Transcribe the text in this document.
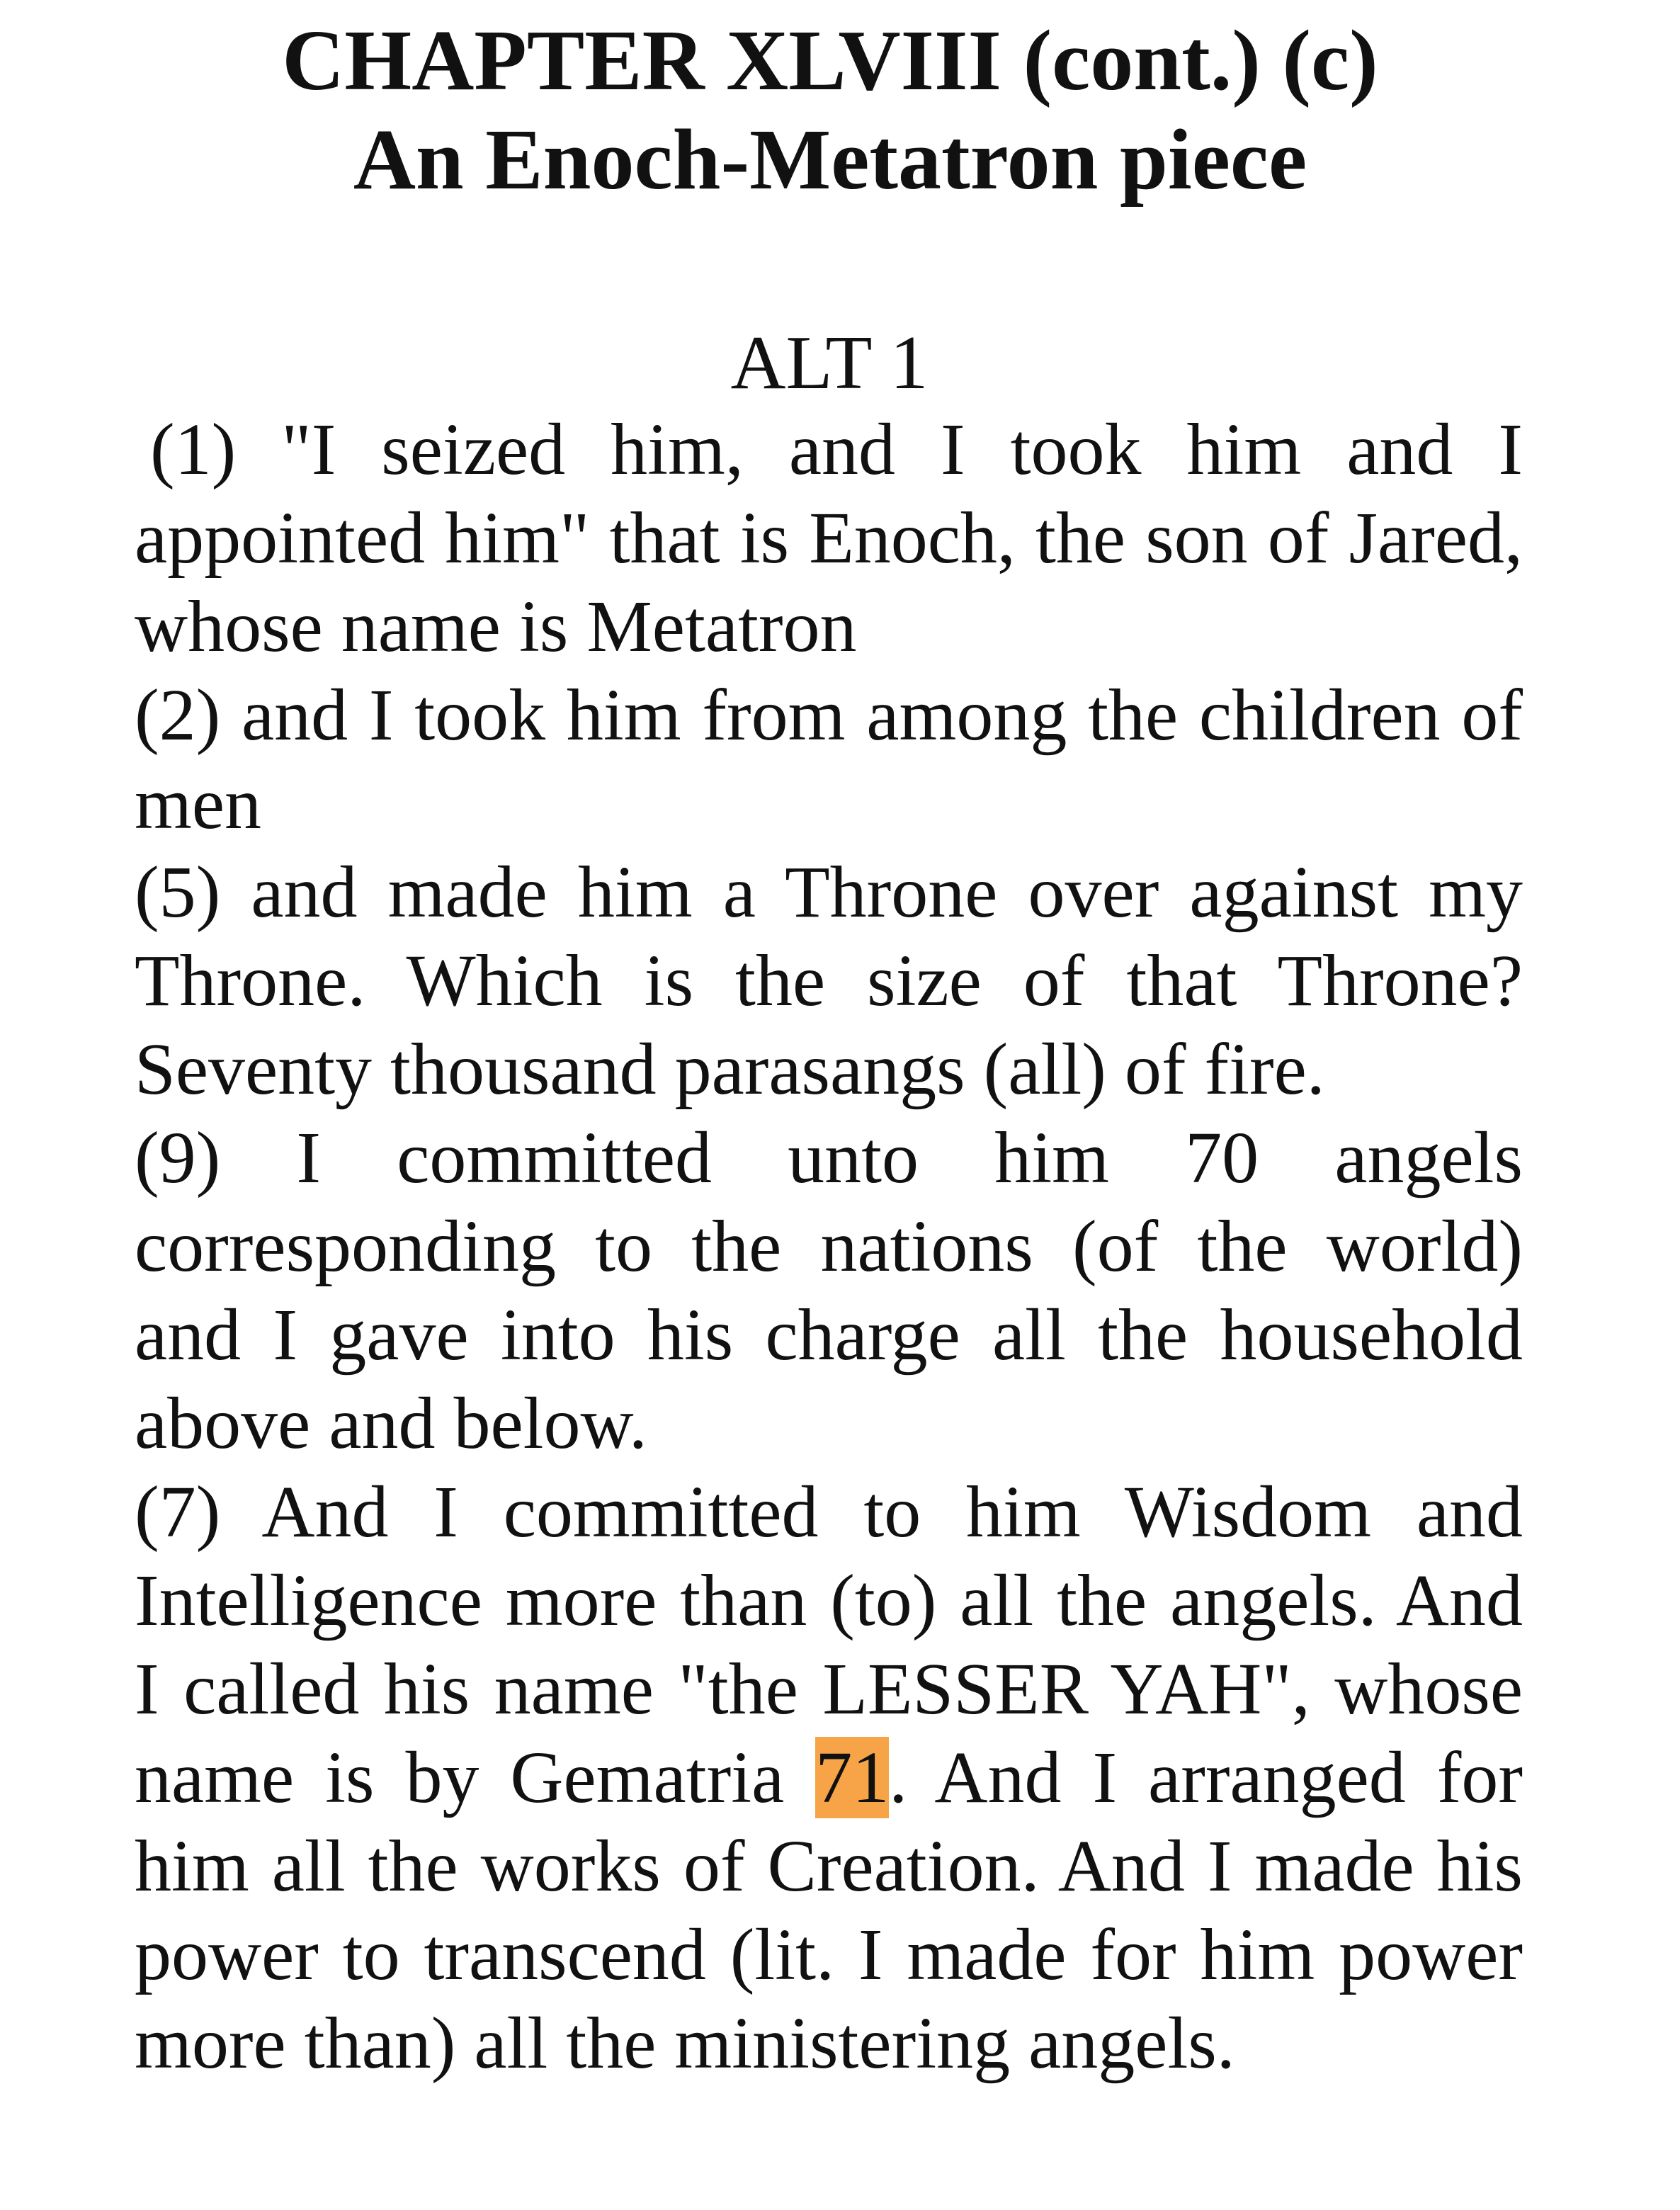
CHAPTER XLVIII (cont.) (c)
An Enoch-Metatron piece
ALT 1

(1) "I seized him, and I took him and I appointed him" that is Enoch, the son of Jared, whose name is Metatron

(2) and I took him from among the children of men

(5) and made him a Throne over against my Throne. Which is the size of that Throne? Seventy thousand parasangs (all) of fire.

(9) I committed unto him 70 angels corresponding to the nations (of the world) and I gave into his charge all the household above and below.

(7) And I committed to him Wisdom and Intelligence more than (to) all the angels. And I called his name "the LESSER YAH", whose name is by Gematria 71. And I arranged for him all the works of Creation. And I made his power to transcend (lit. I made for him power more than) all the ministering angels.
